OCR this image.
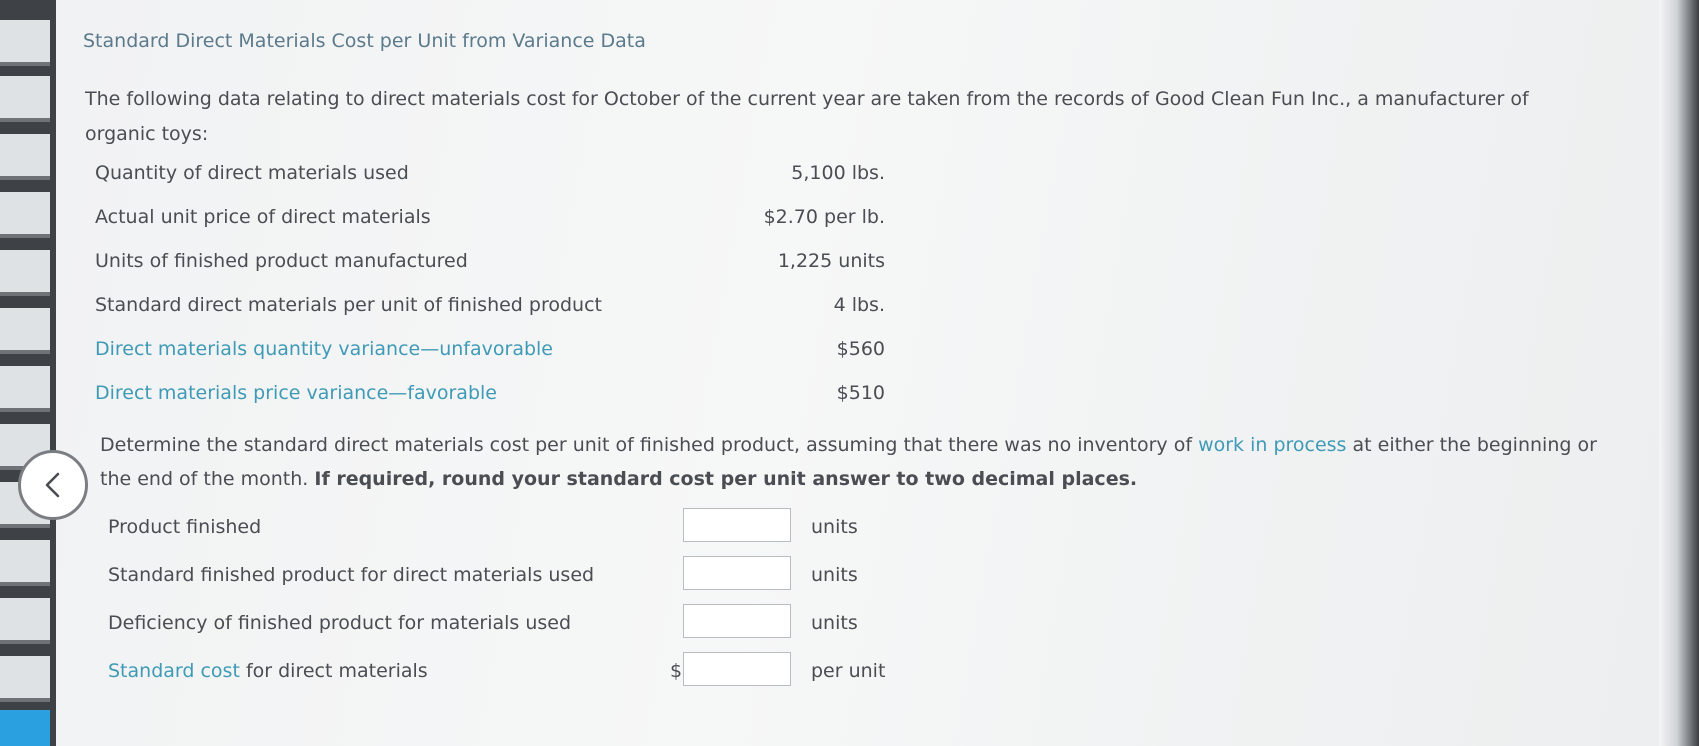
Standard Direct Materials Cost per Unit from Variance Data
The following data relating to direct materials cost for October of the current year are taken from the records of Good Clean Fun Inc., a manufacturer of organic toys:
Quantity of direct materials used	5,100 lbs.
Actual unit price of direct materials	$2.70 per lb.
Units of finished product manufactured	1,225 units
Standard direct materials per unit of finished product	4 lbs.
Direct materials quantity variance—unfavorable	$560
Direct materials price variance—favorable	$510
Determine the standard direct materials cost per unit of finished product, assuming that there was no inventory of work in process at either the beginning or the end of the month. If required, round your standard cost per unit answer to two decimal places.
Product finished	units
Standard finished product for direct materials used	units
Deficiency of finished product for materials used	units
Standard cost for direct materials	$	per unit
